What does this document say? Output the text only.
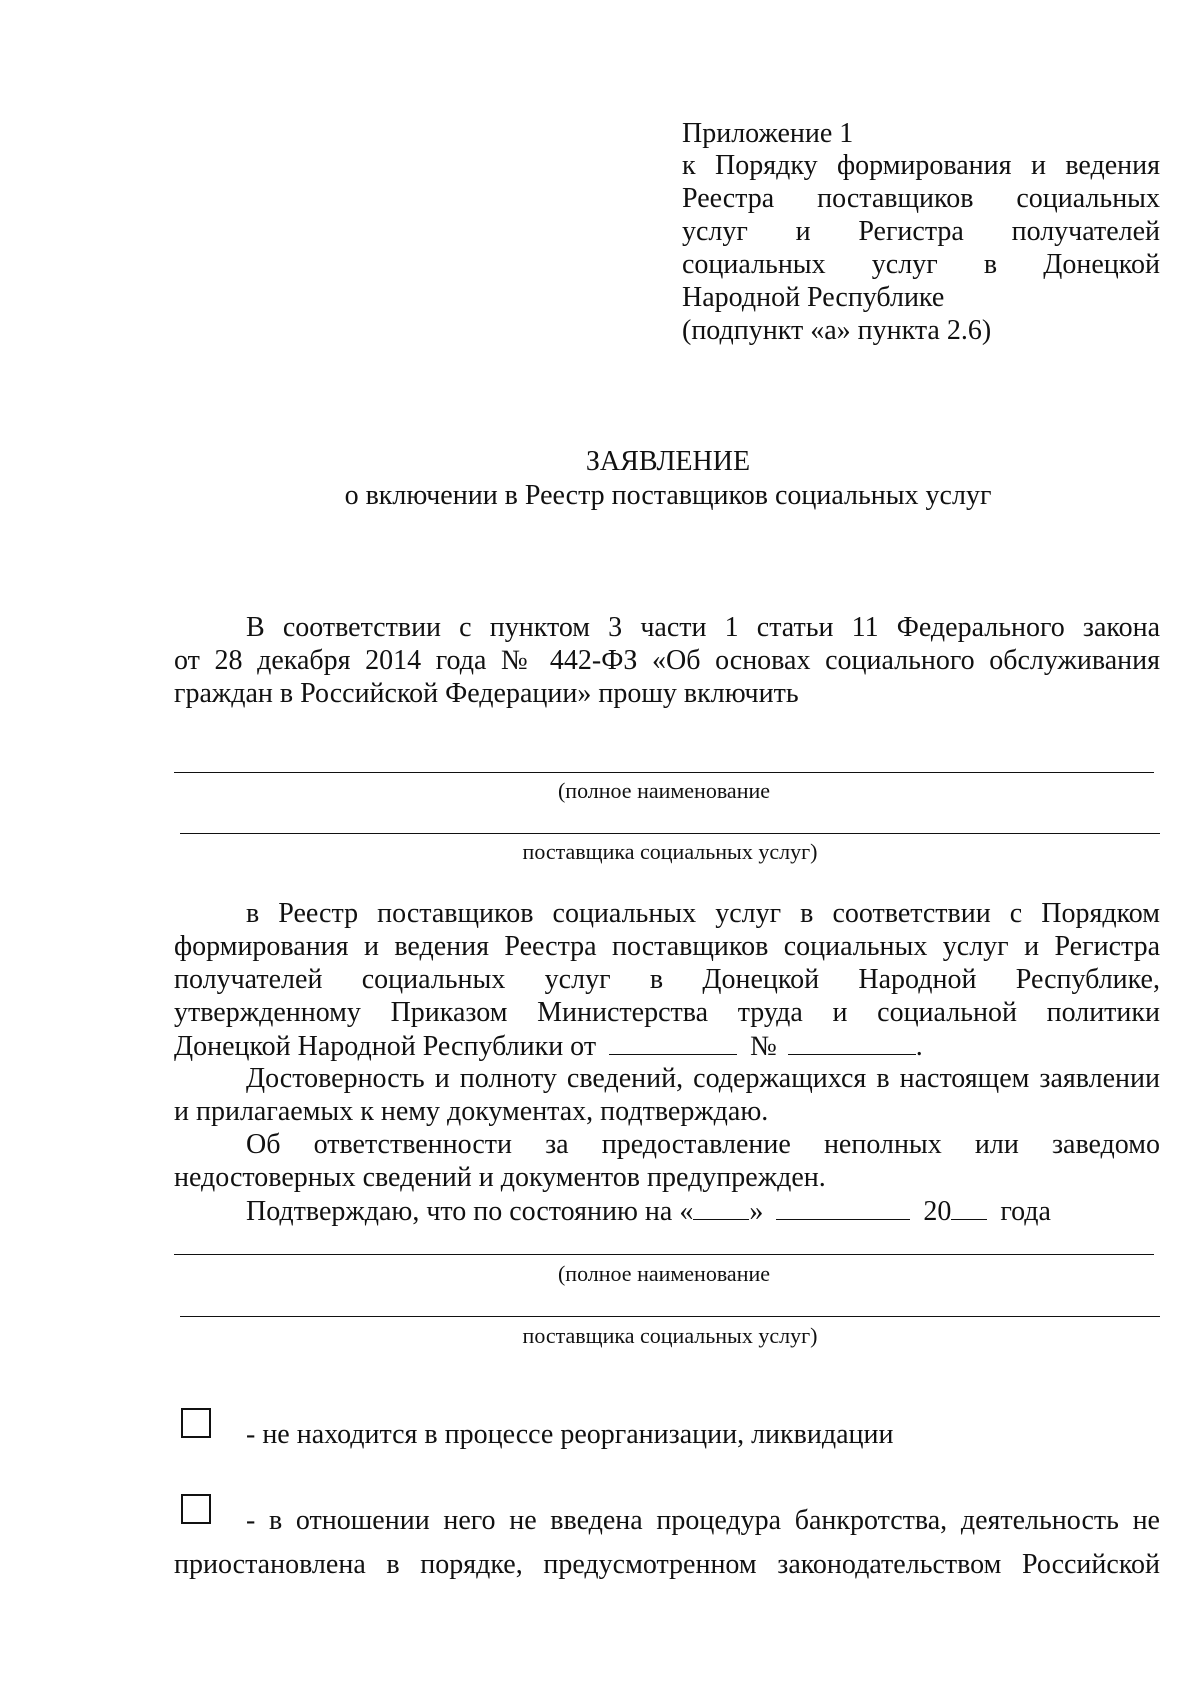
Приложение 1
к Порядку формирования и ведения
Реестра поставщиков социальных
услуг и Регистра получателей
социальных услуг в Донецкой
Народной Республике
(подпункт «а» пункта 2.6)
ЗАЯВЛЕНИЕ
о включении в Реестр поставщиков социальных услуг
В соответствии с пунктом 3 части 1 статьи 11 Федерального закона
от 28 декабря 2014 года № 442-ФЗ «Об основах социального обслуживания
граждан в Российской Федерации» прошу включить
(полное наименование
поставщика социальных услуг)
в Реестр поставщиков социальных услуг в соответствии с Порядком
формирования и ведения Реестра поставщиков социальных услуг и Регистра
получателей социальных услуг в Донецкой Народной Республике,
утвержденному Приказом Министерства труда и социальной политики
Донецкой Народной Республики от	№	.
Достоверность и полноту сведений, содержащихся в настоящем заявлении
и прилагаемых к нему документах, подтверждаю.
Об ответственности за предоставление неполных или заведомо
недостоверных сведений и документов предупрежден.
Подтверждаю, что по состоянию на « »	20 года
(полное наименование
поставщика социальных услуг)
- не находится в процессе реорганизации, ликвидации
- в отношении него не введена процедура банкротства, деятельность не
приостановлена в порядке, предусмотренном законодательством Российской
